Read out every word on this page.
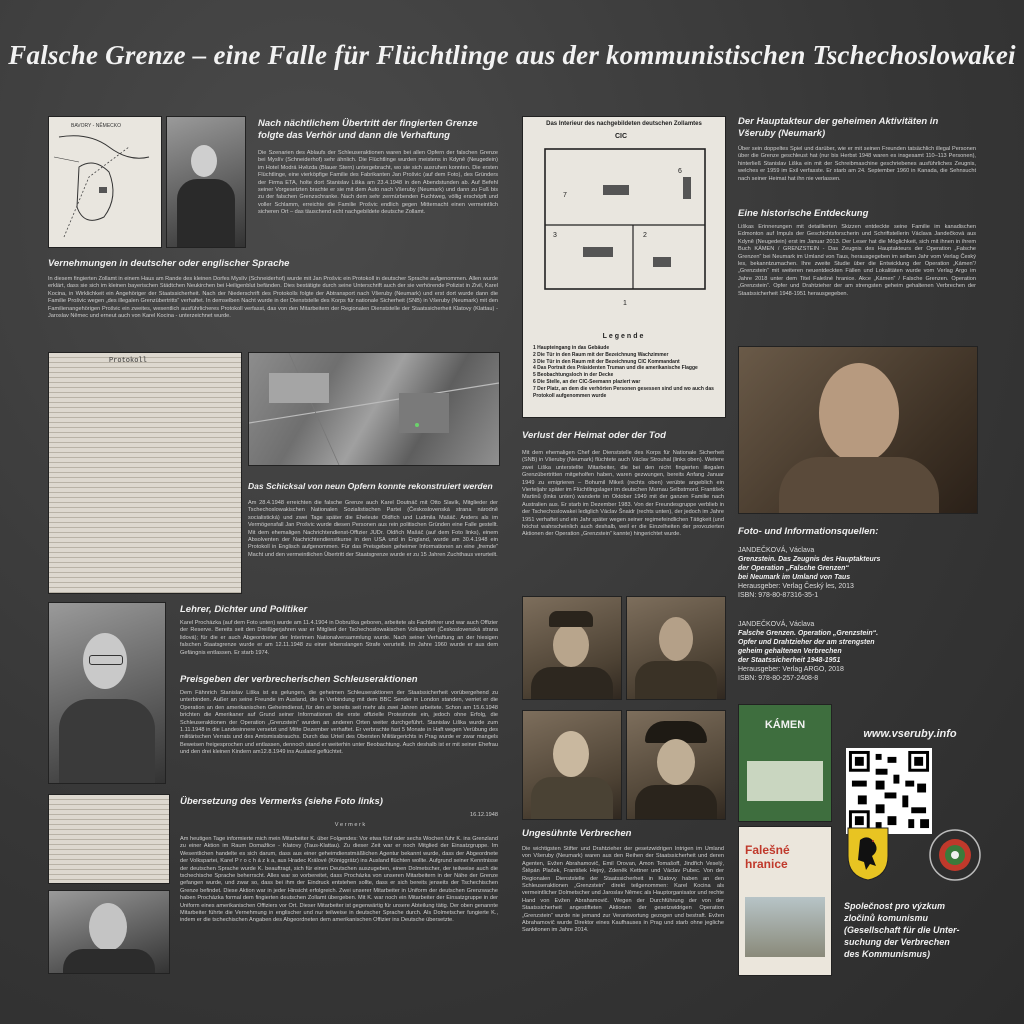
Falsche Grenze – eine Falle für Flüchtlinge aus der kommunistischen Tschechoslowakei
BAVORY - NĚMECKO	Nach nächtlichem Übertritt der fingierten Grenze folgte das Verhör und dann die Verhaftung
Die Szenarien des Ablaufs der Schleuseraktionen waren bei allen Opfern der falschen Grenze bei Myslív (Schneiderhof) sehr ähnlich. Die Flüchtlinge wurden meistens in Kdyně (Neugedein) im Hotel Modrá Hvězda (Blauer Stern) untergebracht, wo sie sich ausruhen konnten. Die ersten Flüchtlinge, eine vierköpfige Familie des Fabrikanten Jan Prošvic (auf dem Foto), des Gründers der Firma ETA, holte dort Stanislav Liška am 23.4.1948 in den Abendstunden ab. Auf Befehl seiner Vorgesetzten brachte er sie mit dem Auto nach Všeruby (Neumark) und dann zu Fuß bis zu der falschen Grenzschranke. Nach dem sehr zermürbenden Fuchtweg, völlig erschöpft und voller Schlamm, erreichte die Familie Prošvic endlich gegen Mitternacht einen vermeintlich sicheren Ort – das täuschend echt nachgebildete deutsche Zollamt.
Vernehmungen in deutscher oder englischer Sprache
In diesem fingierten Zollamt in einem Haus am Rande des kleinen Dorfes Myslív (Schneiderhof) wurde mit Jan Prošvic ein Protokoll in deutscher Sprache aufgenommen. Allen wurde erklärt, dass sie sich im kleinen bayerischen Städtchen Neukirchen bei Heiligenblut befänden. Dies bestätigte durch seine Unterschrift auch der sie verhörende Polizist in Zivil, Karel Kocina, in Wirklichkeit ein Angehöriger der Staatssicherheit. Nach der Niederschrift des Protokolls folgte der Abtransport nach Všeruby (Neumark) und erst dort wurde dann die Familie Prošvic wegen „des illegalen Grenzübertritts“ verhaftet. In demselben Nacht wurde in der Dienststelle des Korps für nationale Sicherheit (SNB) in Všeruby (Neumark) mit den Familienangehörigen Prošvic ein zweites, wesentlich ausführlicheres Protokoll verfasst, das von den Mitarbeitern der Regionalen Dienststelle der Staatssicherheit Klatovy (Klattau) - Jaroslav Němec und erneut auch von Karel Kocina - unterzeichnet wurde.
Protokoll
Das Schicksal von neun Opfern konnte rekonstruiert werden
Am 28.4.1948 erreichten die falsche Grenze auch Karel Doutnáč mit Otto Slavík, Mitglieder der Tschechoslowakischen Nationalen Sozialistischen Partei (Československá strana národně socialistická) und zwei Tage später die Eheleute Oldřich und Ludmila Mašáč. Anders als im Vermögensfall Jan Prošvic wurde diesen Personen aus rein politischen Gründen eine Falle gestellt. Mit dem ehemaligen Nachrichtendienst-Offizier JUDr. Oldřich Mašáč (auf dem Foto links), einem Absolventen der Nachrichtendienstkurse in den USA und in England, wurde am 30.4.1948 ein Protokoll in Englisch aufgenommen. Für das Preisgeben geheimer Informationen an eine „fremde“ Macht und den vermeintlichen Übertritt der Staatsgrenze wurde er zu 15 Jahren Zuchthaus verurteilt.
Lehrer, Dichter und Politiker
Karel Procházka (auf dem Foto unten) wurde am 11.4.1904 in Dobruška geboren, arbeitete als Fachlehrer und war auch Offizier der Reserve. Bereits seit den Dreißigerjahren war er Mitglied der Tschechoslowakischen Volkspartei (Československá strana lidová); für die er auch Abgeordneter der Interimen Nationalversammlung wurde. Nach seiner Verhaftung an der hiesigen falschen Staatsgrenze wurde er am 12.11.1948 zu einer lebenslangen Strafe verurteilt. Im Jahre 1960 wurde er aus dem Gefängnis entlassen. Er starb 1974.
Preisgeben der verbrecherischen Schleuseraktionen
Dem Fähnrich Stanislav Liška ist es gelungen, die geheimen Schleuseraktionen der Staatssicherheit vorübergehend zu unterbinden. Außer an seine Freunde im Ausland, die in Verbindung mit dem BBC Sender in London standen, verriet er die Operation an den amerikanischen Geheimdienst, für den er bereits seit mehr als zwei Jahren arbeitete. Schon am 15.6.1948 brichten die Amerikaner auf Grund seiner Informationen die erste offizielle Protestnote ein, jedoch ohne Erfolg, die Schleuseraktionen der Operation „Grenzstein“ wurden an anderen Orten weiter durchgeführt. Stanislav Liška wurde zum 1.11.1948 in die Landesinnere versetzt und Mitte Dezember verhaftet. Er verbrachte fast 5 Monate in Haft wegen Verübung des militärischen Verrats und des Amtsmissbrauchs. Durch das Urteil des Obersten Militärgerichts in Prag wurde er zwar mangels Beweisen freigesprochen und entlassen, dennoch stand er weiterhin unter Beobachtung. Auch deshalb ist er mit seiner Ehefrau und den drei kleinen Kindern am12.8.1949 ins Ausland geflüchtet.
Übersetzung des Vermerks (siehe Foto links)
16.12.1948
V e r m e r k
Am heutigen Tage informierte mich mein Mitarbeiter K. über Folgendes: Vor etwa fünf oder sechs Wochen fuhr K. ins Grenzland zu einer Aktion im Raum Domažlice - Klatovy (Taus-Klattau). Zu dieser Zeit war er noch Mitglied der Einsatzgruppe. Im Wesentlichen handelte es sich darum, dass aus einer geheimdienstmäßlichen Agentur bekannt wurde, dass der Abgeordnete der Volkspartei, Karel P r o c h á z k a, aus Hradec Králové (Königgrätz) ins Ausland flüchten wollte. Aufgrund seiner Kenntnisse der deutschen Sprache wurde K. beauftragt, sich für einen Deutschen auszugeben, einen Dolmetscher, der teilweise auch die tschechische Sprache beherrscht. Alles war so vorbereitet, dass Procházka von unseren Mitarbeitern in der Nähe der Grenze gefangen wurde, und zwar so, dass bei ihm der Eindruck entstehen sollte, dass er sich bereits jenseits der Tschechischen Grenze befindet. Diese Aktion war in jeder Hinsicht erfolgreich. Zwei unserer Mitarbeiter in Uniform der deutschen Grenzwache haben Procházka formal dem fingierten deutschen Zollamt übergeben. Mit K. war noch ein Mitarbeiter der Einsatzgruppe in der Uniform eines amerikanischen Offiziers vor Ort. Dieser Mitarbeiter ist gegenwärtig für unsere Abteilung tätig. Der oben genannte Mitarbeiter führte die Vernehmung in englischer und nur teilweise in deutscher Sprache durch. Als Dolmetscher fungierte K., indem er die tschechischen Angaben des Abgeordneten dem amerikanischen Offizier ins Deutsche übersetzte.
Das Interieur des nachgebildeten deutschen Zollamtes
CIC
7
6
2
3
1
Legende
1 Haupteingang in das Gebäude
2 Die Tür in den Raum mit der Bezeichnung Wachzimmer
3 Die Tür in den Raum mit der Bezeichnung CIC Kommandant
4 Das Portrait des Präsidenten Truman und die amerikanische Flagge
5 Beobachtungsloch in der Decke
6 Die Stelle, an der CIC-Seemann plaziert war
7 Der Platz, an dem die verhörten Personen gesessen sind und wo auch das Protokoll aufgenommen wurde
Verlust der Heimat oder der Tod
Mit dem ehemaligen Chef der Dienststelle des Korps für Nationale Sicherheit (SNB) in Všeruby (Neumark) flüchtete auch Václav Strouhal (links oben). Weitere zwei Liška unterstellte Mitarbeiter, die bei den nicht fingierten illegalen Grenzübertritten mitgeholfen haben, waren gezwungen, bereits Anfang Januar 1949 zu emigrieren – Bohumil Mikeš (rechts oben) verübte angeblich ein Vierteljahr später im Flüchtlingslager im deutschen Murnau Selbstmord. František Martinů (links unten) wanderte im Oktober 1949 mit der ganzen Familie nach Australien aus. Er starb im Dezember 1983. Von der Freundesgruppe verblieb in der Tschechoslowakei lediglich Václav Šnaidr (rechts unten), der jedoch im Jahre 1951 verhaftet und ein Jahr später wegen seiner regimefeindlichen Tätigkeit (und höchst wahrscheinlich auch deshalb, weil er die Einzelheiten der provozierten Aktionen der Operation „Grenzstein“ kannte) hingerichtet wurde.
Ungesühnte Verbrechen
Die wichtigsten Stifter und Drahtzieher der gesetzwidrigen Intrigen im Umland von Všeruby (Neumark) waren aus den Reihen der Staatssicherheit und deren Agenten, Evžen Abrahamovič, Emil Orovan, Amon Tomašoff, Jindřich Veselý, Štěpán Plaček, František Hejný, Zdeněk Kettner und Václav Pubec. Von der Regionalen Dienststelle der Staatssicherheit in Klatovy haben an den Schleuseraktionen „Grenzstein“ direkt teilgenommen: Karel Kocina als vermeintlicher Dolmetscher und Jaroslav Němec als Hauptorganisator und rechte Hand von Evžen Abrahamovič. Wegen der Durchführung der von der Staatssicherheit angestifteten Aktionen der gesetzwidrigen Operation „Grenzstein“ wurde nie jemand zur Verantwortung gezogen und bestraft. Evžen Abrahamovič wurde Direktor eines Kaufhauses in Prag und starb ohne jegliche Sanktionen im Jahre 2014.
Der Hauptakteur der geheimen Aktivitäten in Všeruby (Neumark)
Über sein doppeltes Spiel und darüber, wie er mit seinen Freunden tatsächlich illegal Personen über die Grenze geschleust hat (nur bis Herbst 1948 waren es insgesamt 110–113 Personen), hinterließ Stanislav Liška ein mit der Schreibmaschine geschriebenes ausführliches Zeugnis, welches er 1959 im Exil verfasste. Er starb am 24. September 1960 in Kanada, die Sehnsucht nach seiner Heimat hat ihn nie verlassen.
Eine historische Entdeckung
Liškas Erinnerungen mit detaillierten Skizzen entdeckte seine Familie im kanadischen Edmonton auf Impuls der Geschichtsforscherin und Schriftstellerin Václava Jandečková aus Kdyně (Neugedein) erst im Januar 2013. Der Leser hat die Möglichkeit, sich mit ihnen in ihrem Buch KÁMEN / GRENZSTEIN - Das Zeugnis des Hauptakteurs der Operation „Falsche Grenzen“ bei Neumark im Umland von Taus, herausgegeben im selben Jahr vom Verlag Český les, bekanntzumachen. Ihre zweite Studie über die Entwicklung der Operation „Kámen“/„Grenzstein“ mit weiteren neuentdeckten Fällen und Lokalitäten wurde vom Verlag Argo im Jahre 2018 unter dem Titel Falešné hranice. Akce „Kámen“ / Falsche Grenzen. Operation „Grenzstein“. Opfer und Drahtzieher der am strengsten geheim gehaltenen Verbrechen der Staatssicherheit 1948-1951 herausgegeben.
Foto- und Informationsquellen:
JANDEČKOVÁ, Václava
Grenzstein. Das Zeugnis des Hauptakteurs
der Operation „Falsche Grenzen“
bei Neumark im Umland von Taus
Herausgeber: Verlag Český les, 2013
ISBN: 978-80-87316-35-1
JANDEČKOVÁ, Václava
Falsche Grenzen. Operation „Grenzstein“.
Opfer und Drahtzieher der am strengsten
geheim gehaltenen Verbrechen
der Staatssicherheit 1948-1951
Herausgeber: Verlag ARGO, 2018
ISBN: 978-80-257-2408-8
KÁMEN
Falešné hranice
www.vseruby.info
Společnost pro výzkum
zločinů komunismu
(Gesellschaft für die Unter-
suchung der Verbrechen
des Kommunismus)
